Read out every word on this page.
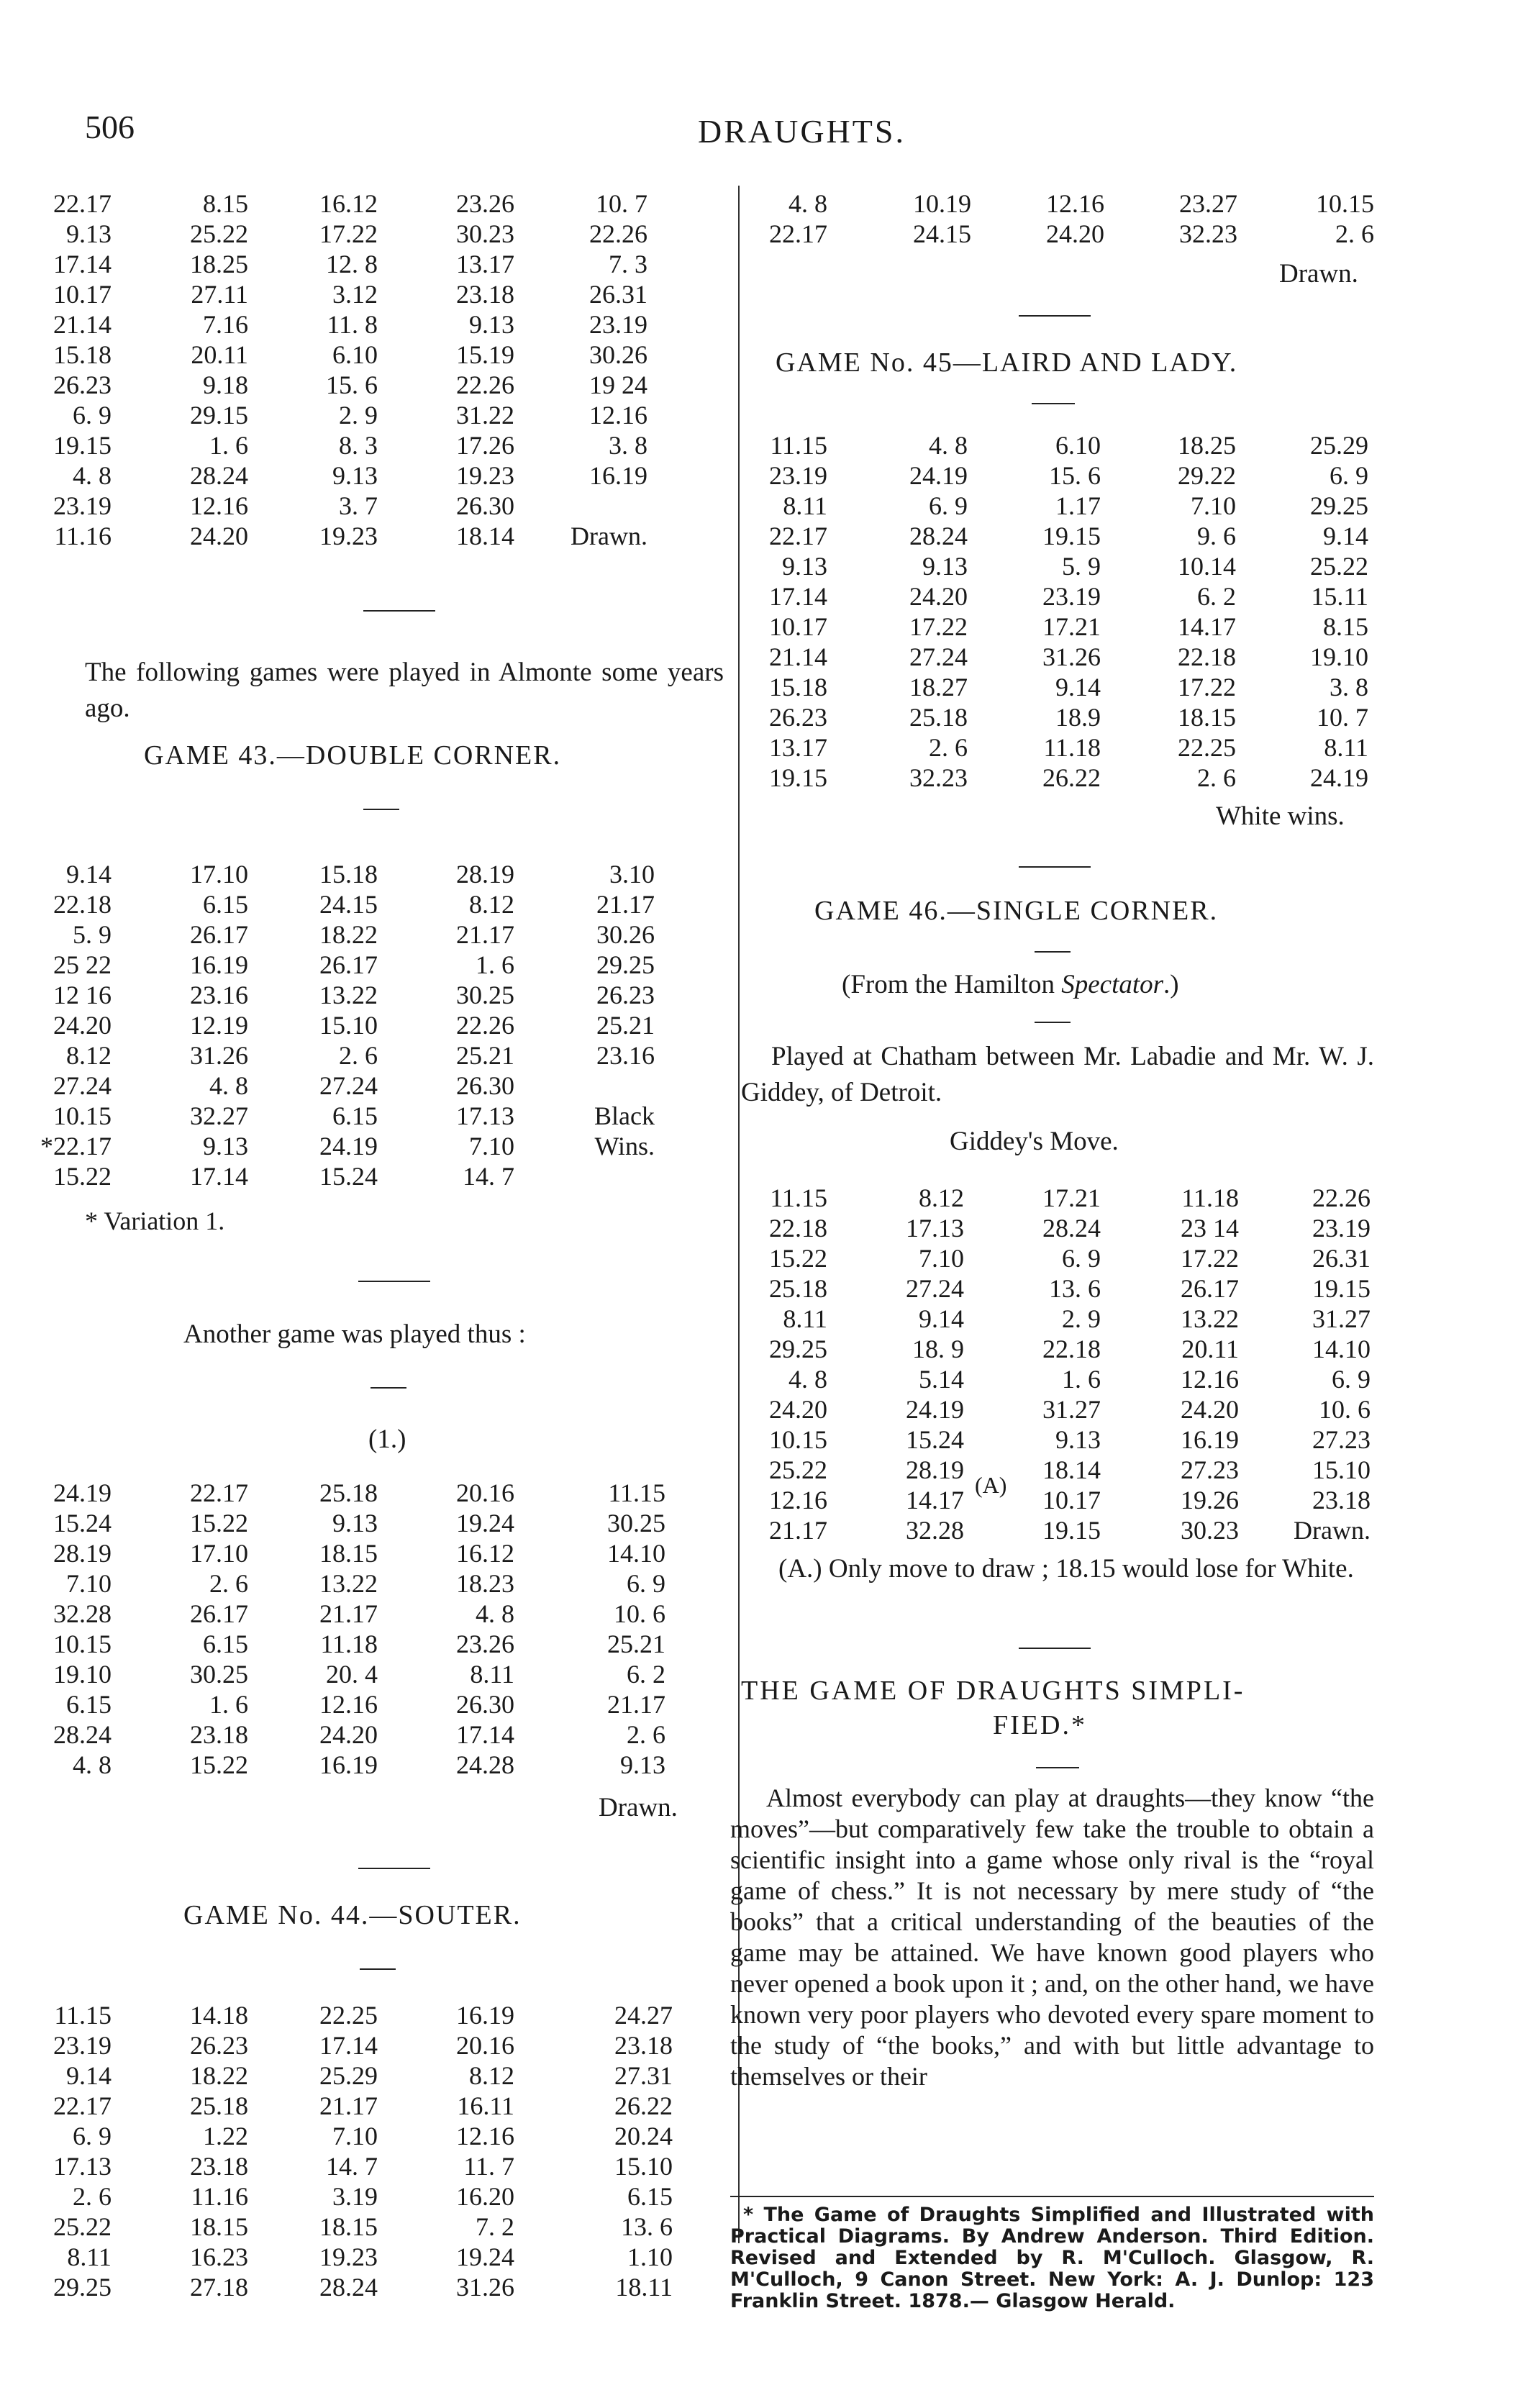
506	DRAUGHTS.
22.17
9.13
17.14
10.17
21.14
15.18
26.23
6. 9
19.15
4. 8
23.19
11.16
8.15
25.22
18.25
27.11
7.16
20.11
9.18
29.15
1. 6
28.24
12.16
24.20
16.12
17.22
12. 8
3.12
11. 8
6.10
15. 6
2. 9
8. 3
9.13
3. 7
19.23
23.26
30.23
13.17
23.18
9.13
15.19
22.26
31.22
17.26
19.23
26.30
18.14
10. 7
22.26
7. 3
26.31
23.19
30.26
19 24
12.16
3. 8
16.19

Drawn.
The following games were played in Almonte some years ago.
GAME 43.—DOUBLE CORNER.
9.14
22.18
5. 9
25 22
12 16
24.20
8.12
27.24
10.15
*22.17
15.22
17.10
6.15
26.17
16.19
23.16
12.19
31.26
4. 8
32.27
9.13
17.14
15.18
24.15
18.22
26.17
13.22
15.10
2. 6
27.24
6.15
24.19
15.24
28.19
8.12
21.17
1. 6
30.25
22.26
25.21
26.30
17.13
7.10
14. 7
3.10
21.17
30.26
29.25
26.23
25.21
23.16

Black
Wins.

* Variation 1.
Another game was played thus :
(1.)
24.19
15.24
28.19
7.10
32.28
10.15
19.10
6.15
28.24
4. 8
22.17
15.22
17.10
2. 6
26.17
6.15
30.25
1. 6
23.18
15.22
25.18
9.13
18.15
13.22
21.17
11.18
20. 4
12.16
24.20
16.19
20.16
19.24
16.12
18.23
4. 8
23.26
8.11
26.30
17.14
24.28
11.15
30.25
14.10
6. 9
10. 6
25.21
6. 2
21.17
2. 6
9.13
Drawn.
GAME No. 44.—SOUTER.
11.15
23.19
9.14
22.17
6. 9
17.13
2. 6
25.22
8.11
29.25
14.18
26.23
18.22
25.18
1.22
23.18
11.16
18.15
16.23
27.18
22.25
17.14
25.29
21.17
7.10
14. 7
3.19
18.15
19.23
28.24
16.19
20.16
8.12
16.11
12.16
11. 7
16.20
7. 2
19.24
31.26
24.27
23.18
27.31
26.22
20.24
15.10
6.15
13. 6
1.10
18.11
4. 8
22.17
10.19
24.15
12.16
24.20
23.27
32.23
10.15
2. 6
Drawn.
GAME No. 45—LAIRD AND LADY.
11.15
23.19
8.11
22.17
9.13
17.14
10.17
21.14
15.18
26.23
13.17
19.15
4. 8
24.19
6. 9
28.24
9.13
24.20
17.22
27.24
18.27
25.18
2. 6
32.23
6.10
15. 6
1.17
19.15
5. 9
23.19
17.21
31.26
9.14
18.9
11.18
26.22
18.25
29.22
7.10
9. 6
10.14
6. 2
14.17
22.18
17.22
18.15
22.25
2. 6
25.29
6. 9
29.25
9.14
25.22
15.11
8.15
19.10
3. 8
10. 7
8.11
24.19
White wins.
GAME 46.—SINGLE CORNER.
(From the Hamilton Spectator.)
Played at Chatham between Mr. Labadie and Mr. W. J. Giddey, of Detroit.
Giddey's Move.
11.15
22.18
15.22
25.18
8.11
29.25
4. 8
24.20
10.15
25.22
12.16
21.17
8.12
17.13
7.10
27.24
9.14
18. 9
5.14
24.19
15.24
28.19
14.17
32.28
17.21
28.24
6. 9
13. 6
2. 9
22.18
1. 6
31.27
9.13
18.14
10.17
19.15
11.18
23 14
17.22
26.17
13.22
20.11
12.16
24.20
16.19
27.23
19.26
30.23
22.26
23.19
26.31
19.15
31.27
14.10
6. 9
10. 6
27.23
15.10
23.18
Drawn.
(A)
(A.) Only move to draw ; 18.15 would lose for White.
THE GAME OF DRAUGHTS SIMPLI-
FIED.*
Almost everybody can play at draughts—they know “the moves”—but comparatively few take the trouble to obtain a scientific insight into a game whose only rival is the “royal game of chess.” It is not necessary by mere study of “the books” that a critical understanding of the beauties of the game may be attained. We have known good players who never opened a book upon it ; and, on the other hand, we have known very poor players who devoted every spare moment to the study of “the books,” and with but little advantage to themselves or their
* The Game of Draughts Simplified and Illustrated with Practical Diagrams. By Andrew Anderson. Third Edition. Revised and Extended by R. M'Culloch. Glasgow, R. M'Culloch, 9 Canon Street. New York: A. J. Dunlop: 123 Franklin Street. 1878.— Glasgow Herald.
